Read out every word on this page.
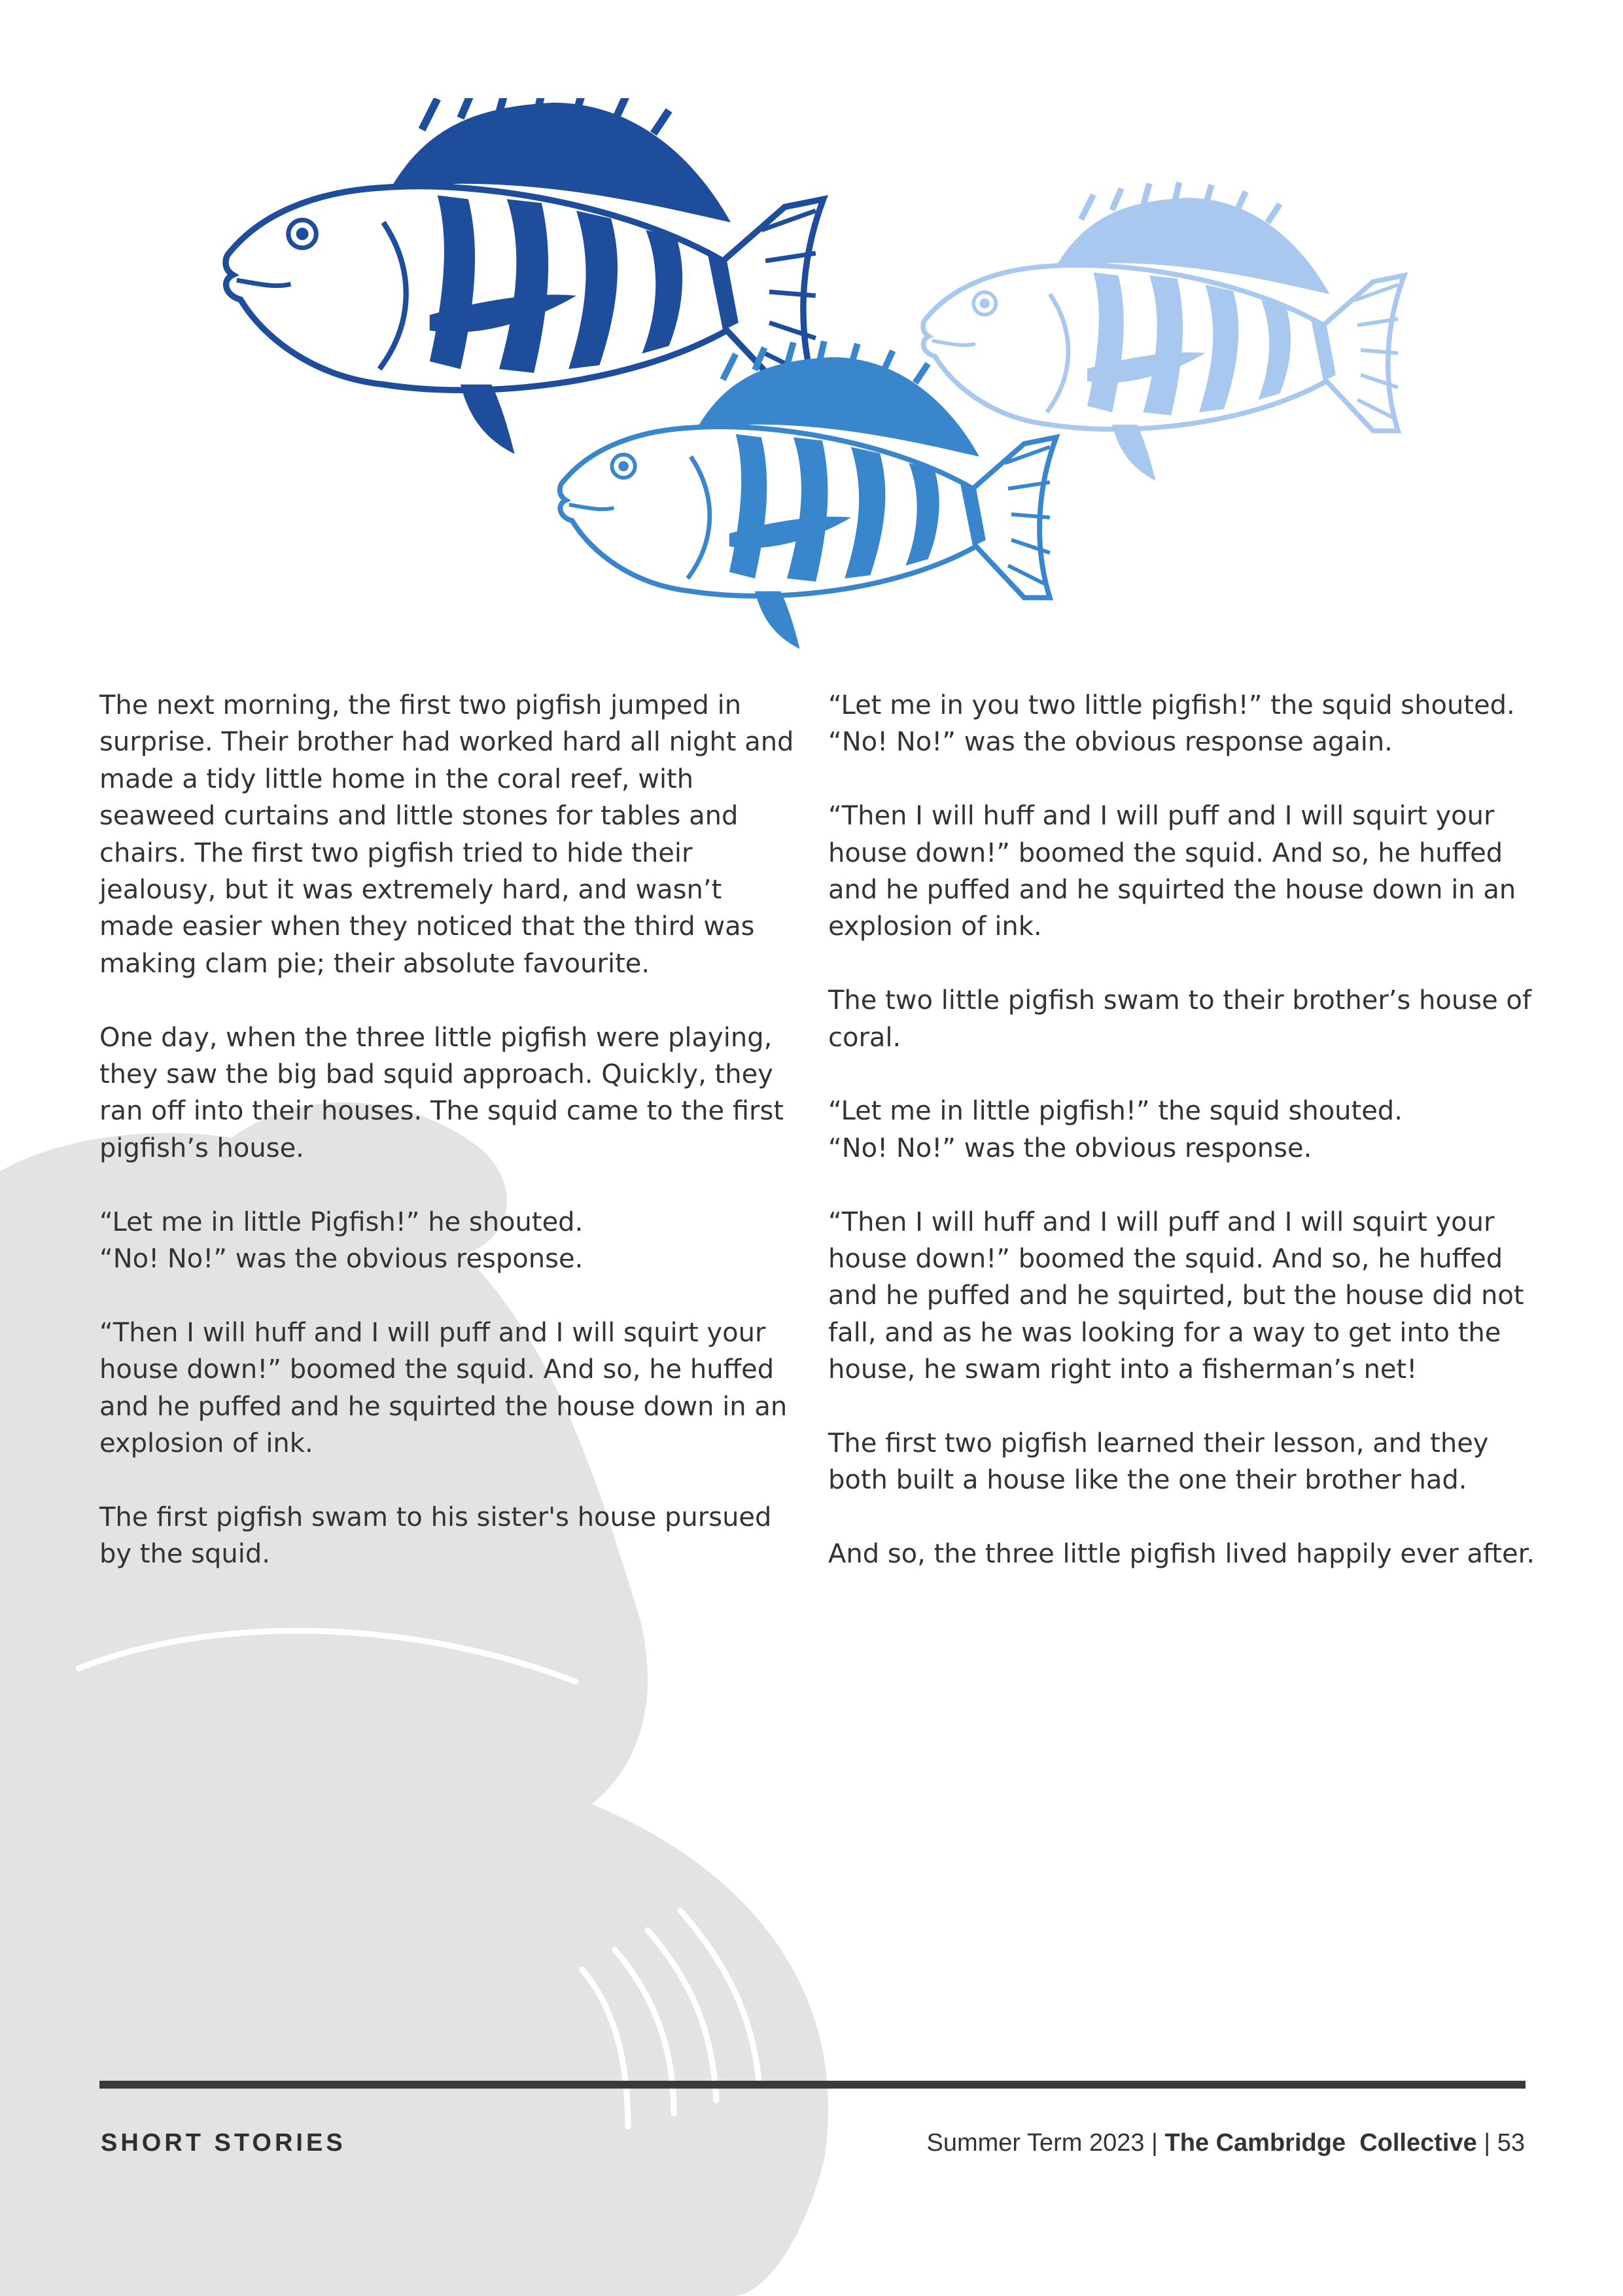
The next morning, the first two pigfish jumped in surprise. Their brother had worked hard all night and made a tidy little home in the coral reef, with seaweed curtains and little stones for tables and chairs. The first two pigfish tried to hide their jealousy, but it was extremely hard, and wasn’t made easier when they noticed that the third was making clam pie; their absolute favourite.

One day, when the three little pigfish were playing, they saw the big bad squid approach. Quickly, they ran off into their houses. The squid came to the first pigfish’s house.

“Let me in little Pigfish!” he shouted.
“No! No!” was the obvious response.

“Then I will huff and I will puff and I will squirt your house down!” boomed the squid. And so, he huffed and he puffed and he squirted the house down in an explosion of ink.

The first pigfish swam to his sister's house pursued by the squid.

“Let me in you two little pigfish!” the squid shouted.
“No! No!” was the obvious response again.

“Then I will huff and I will puff and I will squirt your house down!” boomed the squid. And so, he huffed and he puffed and he squirted the house down in an explosion of ink.

The two little pigfish swam to their brother’s house of coral.

“Let me in little pigfish!” the squid shouted.
“No! No!” was the obvious response.

“Then I will huff and I will puff and I will squirt your house down!” boomed the squid. And so, he huffed and he puffed and he squirted, but the house did not fall, and as he was looking for a way to get into the house, he swam right into a fisherman’s net!

The first two pigfish learned their lesson, and they both built a house like the one their brother had.

And so, the three little pigfish lived happily ever after.

SHORT STORIES	Summer Term 2023 | The Cambridge  Collective | 53
